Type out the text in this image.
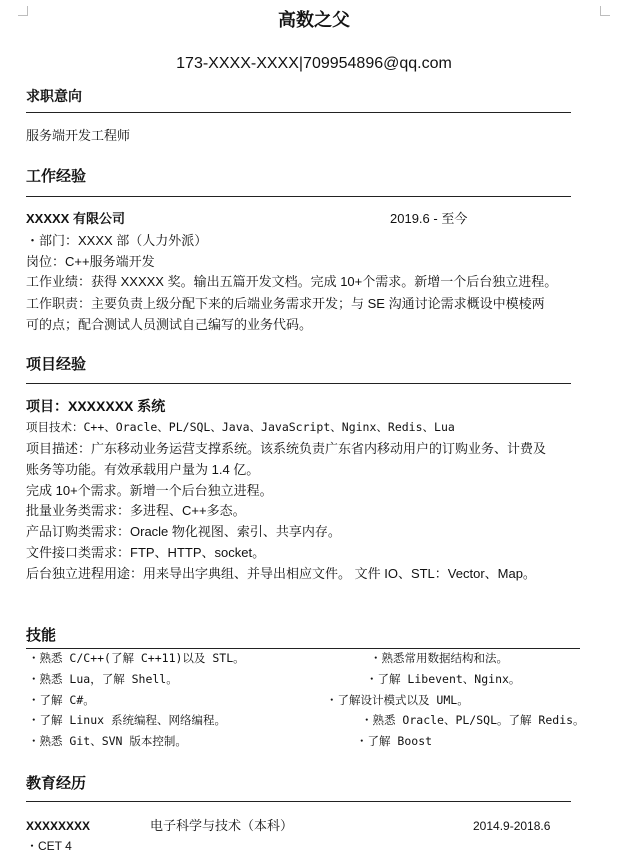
高数之父
173-XXXX-XXXX|709954896@qq.com
求职意向
服务端开发工程师
工作经验
XXXXX 有限公司	2019.6 - 至今
・部门：XXXX 部（人力外派）
岗位：C++服务端开发
工作业绩：获得 XXXXX 奖。输出五篇开发文档。完成 10+个需求。新增一个后台独立进程。
工作职责：主要负责上级分配下来的后端业务需求开发；与 SE 沟通讨论需求概设中模棱两
可的点；配合测试人员测试自己编写的业务代码。
项目经验
项目：XXXXXXX 系统
项目技术：C++、Oracle、PL/SQL、Java、JavaScript、Nginx、Redis、Lua
项目描述：广东移动业务运营支撑系统。该系统负责广东省内移动用户的订购业务、计费及
账务等功能。有效承载用户量为 1.4 亿。
完成 10+个需求。新增一个后台独立进程。
批量业务类需求：多进程、C++多态。
产品订购类需求：Oracle 物化视图、索引、共享内存。
文件接口类需求：FTP、HTTP、socket。
后台独立进程用途：用来导出字典组、并导出相应文件。 文件 IO、STL：Vector、Map。
技能
・熟悉 C/C++(了解 C++11)以及 STL。	・熟悉常用数据结构和法。
・熟悉 Lua，了解 Shell。	・了解 Libevent、Nginx。
・了解 C#。	・了解设计模式以及 UML。
・了解 Linux 系统编程、网络编程。	・熟悉 Oracle、PL/SQL。了解 Redis。
・熟悉 Git、SVN 版本控制。	・了解 Boost
教育经历
XXXXXXXX	电子科学与技术（本科）	2014.9-2018.6
・CET 4
